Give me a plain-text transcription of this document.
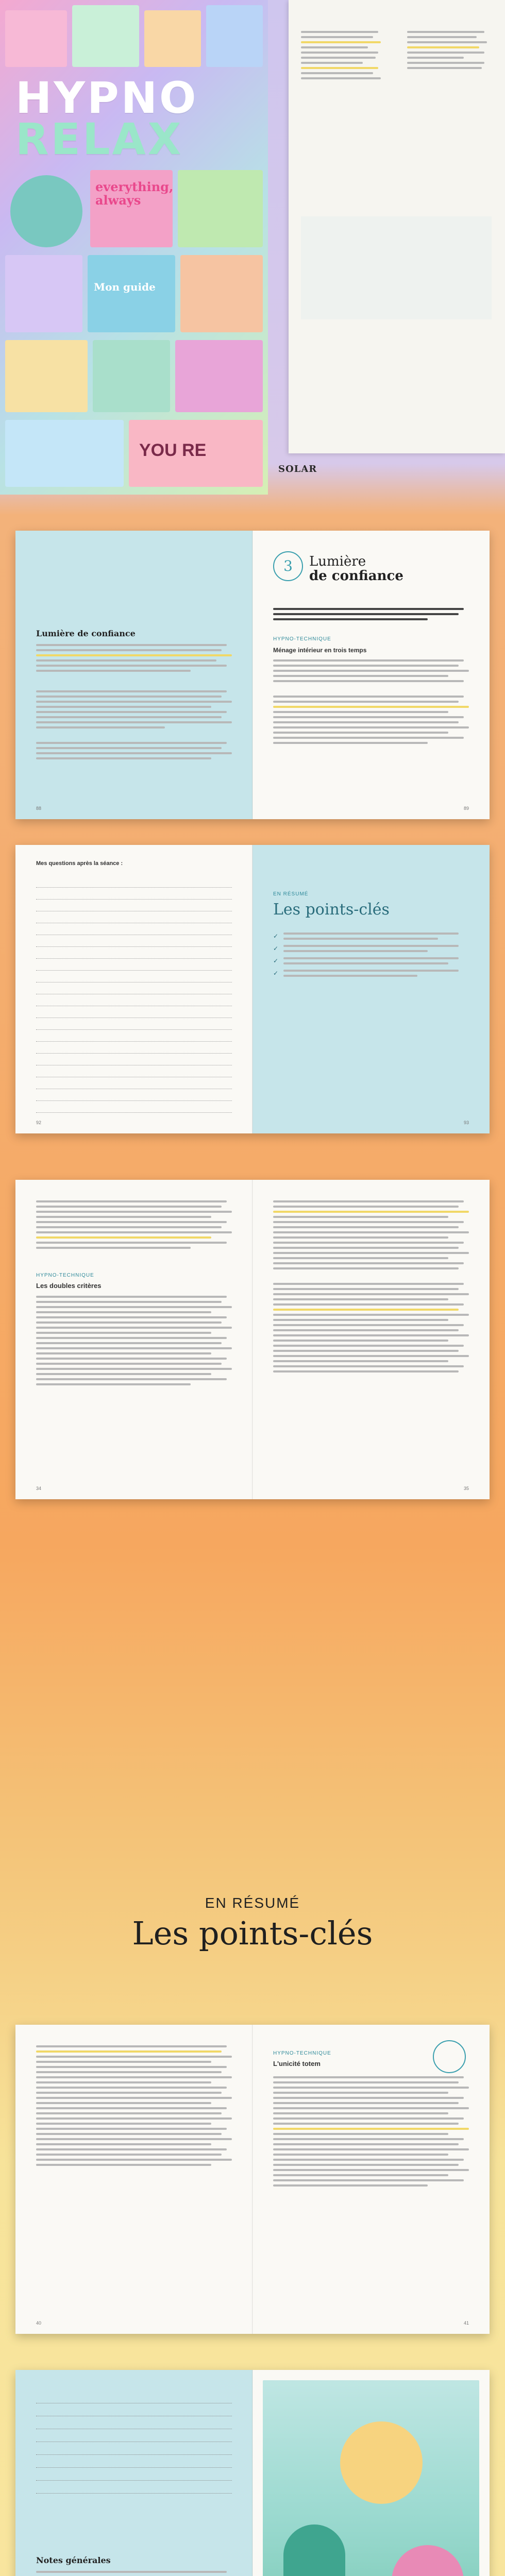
HYPNO
RELAX
everything,
always
Mon guide
YOU RE
SOLAR
Lumière de confiance
88
3	Lumière
de confiance
HYPNO-TECHNIQUE
Ménage intérieur en trois temps
89
Mes questions après la séance :
92
EN RÉSUMÉ
Les points-clés
✓
✓
✓
✓
93
HYPNO-TECHNIQUE
Les doubles critères
34	35
EN RÉSUMÉ
Les points-clés
40
HYPNO-TECHNIQUE
L'unicité totem
41
Notes générales
